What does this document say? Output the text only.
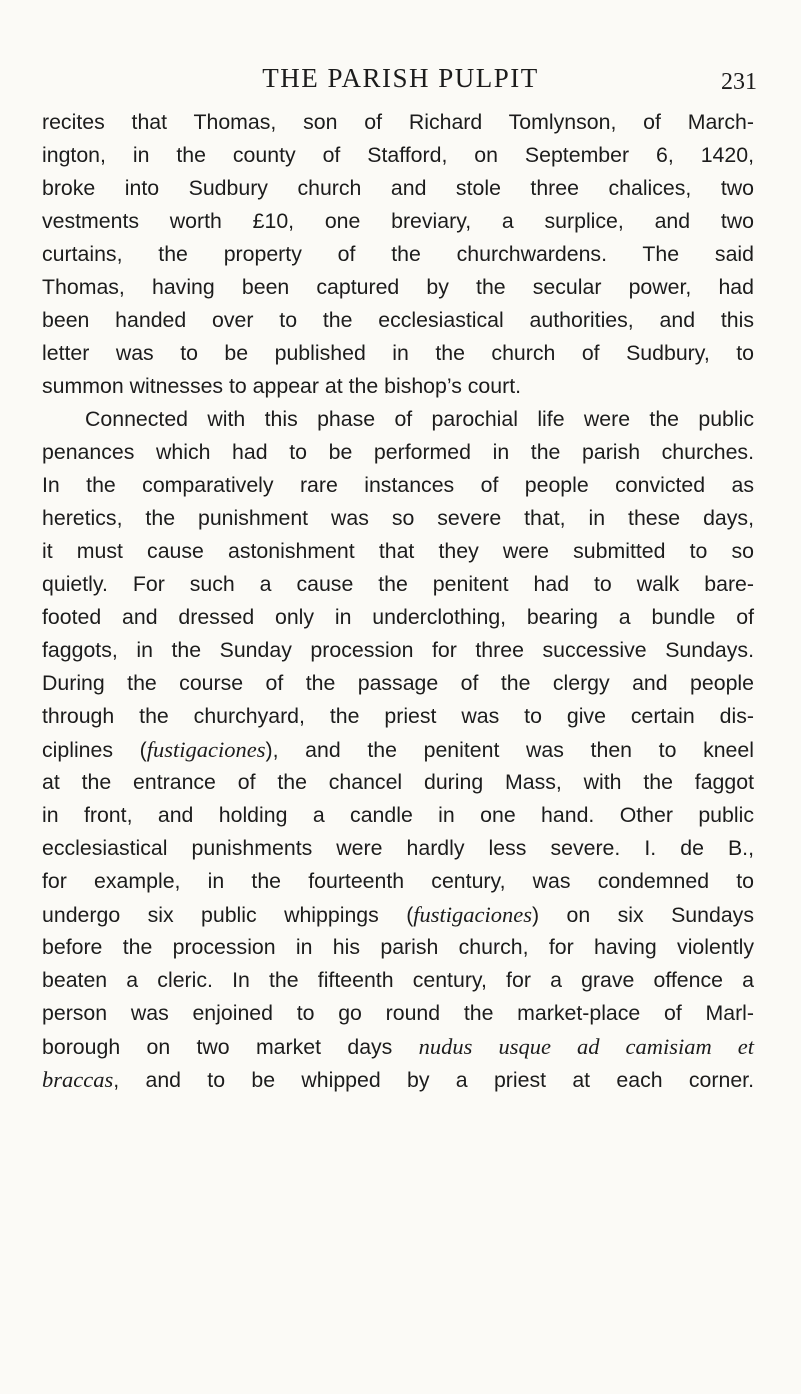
THE PARISH PULPIT	231
recites that Thomas, son of Richard Tomlynson, of March-
ington, in the county of Stafford, on September 6, 1420,
broke into Sudbury church and stole three chalices, two
vestments worth £10, one breviary, a surplice, and two
curtains, the property of the churchwardens. The said
Thomas, having been captured by the secular power, had
been handed over to the ecclesiastical authorities, and this
letter was to be published in the church of Sudbury, to
summon witnesses to appear at the bishop’s court.
Connected with this phase of parochial life were the public
penances which had to be performed in the parish churches.
In the comparatively rare instances of people convicted as
heretics, the punishment was so severe that, in these days,
it must cause astonishment that they were submitted to so
quietly. For such a cause the penitent had to walk bare-
footed and dressed only in underclothing, bearing a bundle of
faggots, in the Sunday procession for three successive Sundays.
During the course of the passage of the clergy and people
through the churchyard, the priest was to give certain dis-
ciplines (fustigaciones), and the penitent was then to kneel
at the entrance of the chancel during Mass, with the faggot
in front, and holding a candle in one hand. Other public
ecclesiastical punishments were hardly less severe. I. de B.,
for example, in the fourteenth century, was condemned to
undergo six public whippings (fustigaciones) on six Sundays
before the procession in his parish church, for having violently
beaten a cleric. In the fifteenth century, for a grave offence a
person was enjoined to go round the market-place of Marl-
borough on two market days nudus usque ad camisiam et
braccas, and to be whipped by a priest at each corner.
